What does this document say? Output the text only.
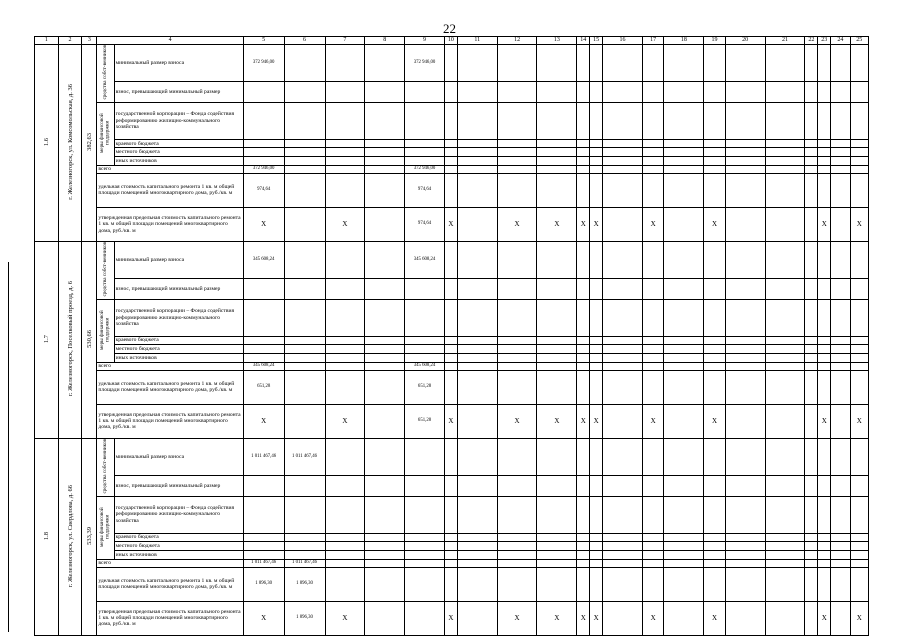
22
1	2	3	4		5	6	7	8	9	10	11	12	13	14	15	16	17	18	19	20	21	22	23	24	25
1.6	г. Железногорск, ул. Комсомольская, д. 36	382,63	средства собст-венников	минимальный размер взноса	372 946,00				372 946,00																
				взнос, превышающий минимальный размер																					
			меры финансовой поддержки	государственной корпорации – Фонда содействия реформированию жилищно-коммунального хозяйства																					
				краевого бюджета																					
				местного бюджета																					
				иных источников																					
			всего		372 946,00				372 946,00																
			удельная стоимость капитального ремонта 1 кв. м общей площади помещений многоквартирного дома, руб./кв. м		974,64				974,64																
			утвержденная предельная стоимость капитального ремонта 1 кв. м общей площади помещений многоквартирного дома, руб./кв. м		X		X		974,64	X		X	X	X	X		X		X				X		X
1.7	г. Железногорск, Поселковый проезд, д. 6	530,66	средства собст-венников	минимальный размер взноса	345 608,24				345 608,24																
				взнос, превышающий минимальный размер																					
			меры финансовой поддержки	государственной корпорации – Фонда содействия реформированию жилищно-коммунального хозяйства																					
				краевого бюджета																					
				местного бюджета																					
				иных источников																					
			всего		345 608,24				345 608,24																
			удельная стоимость капитального ремонта 1 кв. м общей площади помещений многоквартирного дома, руб./кв. м		651,28				651,28																
			утвержденная предельная стоимость капитального ремонта 1 кв. м общей площади помещений многоквартирного дома, руб./кв. м		X		X		651,28	X		X	X	X	X		X		X				X		X
1.8	г. Железногорск, ул. Свердлова, д. 66	533,39	средства собст-венников	минимальный размер взноса	1 011 467,46	1 011 467,46																			
				взнос, превышающий минимальный размер																					
			меры финансовой поддержки	государственной корпорации – Фонда содействия реформированию жилищно-коммунального хозяйства																					
				краевого бюджета																					
				местного бюджета																					
				иных источников																					
			всего		1 011 467,46	1 011 467,46																			
			удельная стоимость капитального ремонта 1 кв. м общей площади помещений многоквартирного дома, руб./кв. м		1 896,30	1 896,30																			
			утвержденная предельная стоимость капитального ремонта 1 кв. м общей площади помещений многоквартирного дома, руб./кв. м		X	1 896,30	X			X		X	X	X	X		X		X				X		X
